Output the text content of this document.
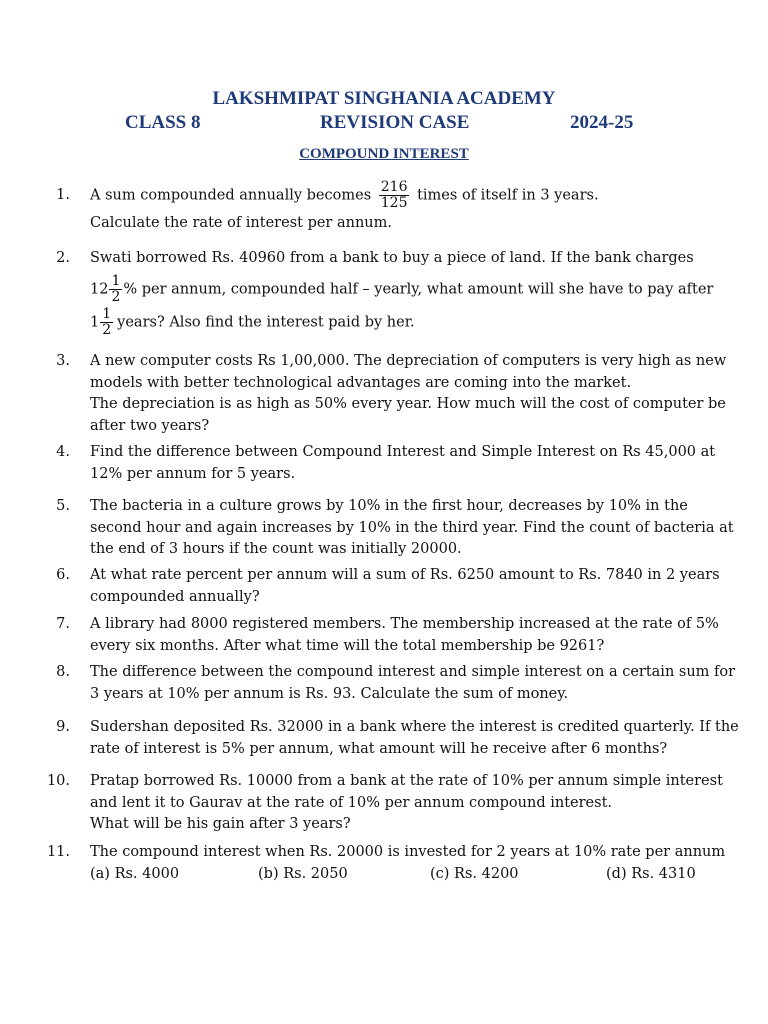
LAKSHMIPAT SINGHANIA ACADEMY
CLASS 8	REVISION CASE	2024-25
COMPOUND INTEREST
1. A sum compounded annually becomes $\frac{216}{125}$ times of itself in 3 years.
Calculate the rate of interest per annum.
2. Swati borrowed Rs. 40960 from a bank to buy a piece of land. If the bank charges
$12 \frac{1}{2}$ % per annum, compounded half – yearly, what amount will she have to pay after
$1 \frac{1}{2}$ years? Also find the interest paid by her.
3. A new computer costs Rs 1,00,000. The depreciation of computers is very high as new
models with better technological advantages are coming into the market.
The depreciation is as high as 50% every year. How much will the cost of computer be
after two years?
4. Find the difference between Compound Interest and Simple Interest on Rs 45,000 at
12% per annum for 5 years.
5. The bacteria in a culture grows by 10% in the first hour, decreases by 10% in the
second hour and again increases by 10% in the third year. Find the count of bacteria at
the end of 3 hours if the count was initially 20000.
6. At what rate percent per annum will a sum of Rs. 6250 amount to Rs. 7840 in 2 years
compounded annually?
7. A library had 8000 registered members. The membership increased at the rate of 5%
every six months. After what time will the total membership be 9261?
8. The difference between the compound interest and simple interest on a certain sum for
3 years at 10% per annum is Rs. 93. Calculate the sum of money.
9. Sudershan deposited Rs. 32000 in a bank where the interest is credited quarterly. If the
rate of interest is 5% per annum, what amount will he receive after 6 months?
10. Pratap borrowed Rs. 10000 from a bank at the rate of 10% per annum simple interest
and lent it to Gaurav at the rate of 10% per annum compound interest.
What will be his gain after 3 years?
11. The compound interest when Rs. 20000 is invested for 2 years at 10% rate per annum
(a) Rs. 4000	(b) Rs. 2050	(c) Rs. 4200	(d) Rs. 4310
